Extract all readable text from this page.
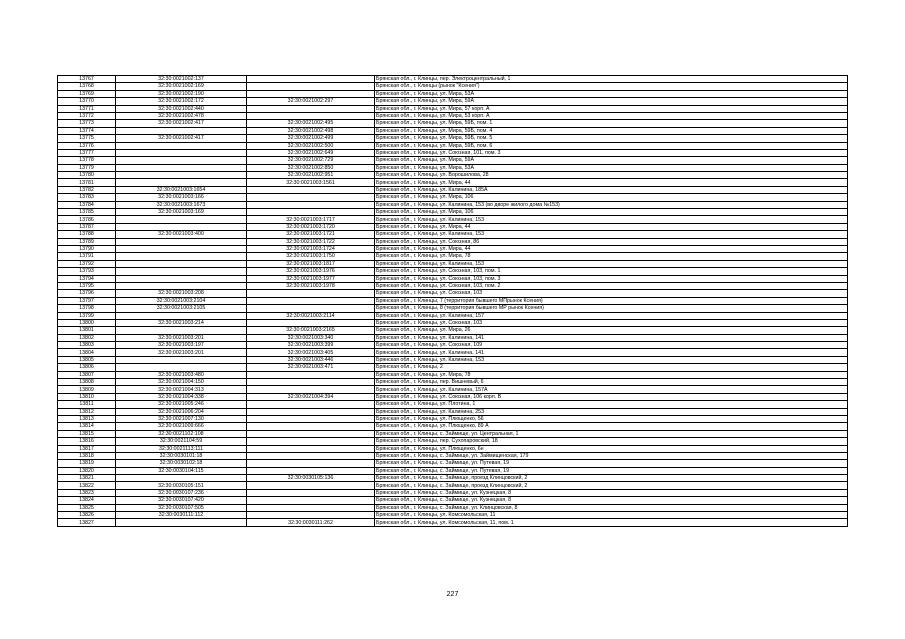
13767	32:30:0021002:137		Брянская обл., г. Клинцы, пер. Электроцентральный, 1
13768	32:30:0021002:169		Брянская обл., г. Клинцы (рынок "Ксения")
13769	32:30:0021002:190		Брянская обл., г. Клинцы, ул. Мира, 53А
13770	32:30:0021002:172	32:30:0021002:297	Брянская обл., г. Клинцы, ул. Мира, 59А
13771	32:30:0021002:440		Брянская обл., г. Клинцы, ул. Мира, 57 корп. А
13772	32:30:0021002:478		Брянская обл., г. Клинцы, ул. Мира, 53 корп. А
13773	32:30:0021002:417	32:30:0021002:495	Брянская обл., г. Клинцы, ул. Мира, 59Б, пом. 1
13774		32:30:0021002:498	Брянская обл., г. Клинцы, ул. Мира, 59Б, пом. 4
13775	32:30:0021002:417	32:30:0021002:499	Брянская обл., г. Клинцы, ул. Мира, 59Б, пом. 5
13776		32:30:0021002:500	Брянская обл., г. Клинцы, ул. Мира, 59Б, пом. 6
13777		32:30:0021002:649	Брянская обл., г. Клинцы, ул. Союзная, 101, пом. 3
13778		32:30:0021002:729	Брянская обл., г. Клинцы, ул. Мира, 59А
13779		32:30:0021002:850	Брянская обл., г. Клинцы, ул. Мира, 53А
13780		32:30:0021002:951	Брянская обл., г. Клинцы, ул. Ворошилова, 28
13781		32:30:0021003:1561	Брянская обл., г. Клинцы, ул. Мира, 44
13782	32:30:0021003:1654		Брянская обл., г. Клинцы, ул. Калинина, 185А
13783	32:30:0021003:166		Брянская обл., г. Клинцы, ул. Мира, 106
13784	32:30:0021003:1673		Брянская обл., г. Клинцы, ул. Калинина, 153 (во дворе жилого дома №153)
13785	32:30:0021003:169		Брянская обл., г. Клинцы, ул. Мира, 106
13786		32:30:0021003:1717	Брянская обл., г. Клинцы, ул. Калинина, 153
13787		32:30:0021003:1720	Брянская обл., г. Клинцы, ул. Мира, 44
13788	32:30:0021003:400	32:30:0021003:1721	Брянская обл., г. Клинцы, ул. Калинина, 153
13789		32:30:0021003:1722	Брянская обл., г. Клинцы, ул. Союзная, 86
13790		32:30:0021003:1724	Брянская обл., г. Клинцы, ул. Мира, 44
13791		32:30:0021003:1750	Брянская обл., г. Клинцы, ул. Мира, 78
13792		32:30:0021003:1817	Брянская обл., г. Клинцы, ул. Калинина, 153
13793		32:30:0021003:1976	Брянская обл., г. Клинцы, ул. Союзная, 103, пом. 1
13794		32:30:0021003:1977	Брянская обл., г. Клинцы, ул. Союзная, 103, пом. 3
13795		32:30:0021003:1978	Брянская обл., г. Клинцы, ул. Союзная, 103, пом. 2
13796	32:30:0021003:208		Брянская обл., г. Клинцы, ул. Союзная, 103
13797	32:30:0021003:2104		Брянская обл., г. Клинцы, 7 (территория бывшего МПрынок Ксения)
13798	32:30:0021003:2105		Брянская обл., г. Клинцы, 8 (территория бывшего МР рынок Ксения)
13799		32:30:0021003:2114	Брянская обл., г. Клинцы, ул. Калинина, 157
13800	32:30:0021003:214		Брянская обл., г. Клинцы, ул. Союзная, 103
13801		32:30:0021003:2165	Брянская обл., г. Клинцы, ул. Мира, 26
13802	32:30:0021003:201	32:30:0021003:340	Брянская обл., г. Клинцы, ул. Калинина, 141
13803	32:30:0021003:197	32:30:0021003:399	Брянская обл., г. Клинцы, ул. Союзная, 109
13804	32:30:0021003:201	32:30:0021003:405	Брянская обл., г. Клинцы, ул. Калинина, 141
13805		32:30:0021003:446	Брянская обл., г. Клинцы, ул. Калинина, 153
13806		32:30:0021003:471	Брянская обл., г. Клинцы, 2
13807	32:30:0021003:480		Брянская обл., г. Клинцы, ул. Мира, 78
13808	32:30:0021004:150		Брянская обл., г. Клинцы, пер. Вишневый, 6
13809	32:30:0021004:313		Брянская обл., г. Клинцы, ул. Калинина, 157А
13810	32:30:0021004:338	32:30:0021004:394	Брянская обл., г. Клинцы, ул. Союзная, 106 корп. В
13811	32:30:0021005:246		Брянская обл., г. Клинцы, ул. Плотина, 1
13812	32:30:0021006:204		Брянская обл., г. Клинцы, ул. Калинина, 253
13813	32:30:0021007:130		Брянская обл., г. Клинцы, ул. Плющенко, 56
13814	32:30:0021009:666		Брянская обл., г. Клинцы, ул. Плющенко, 89 А
13815	32:30:0021102:108		Брянская обл., г. Клинцы, с. Займище, ул. Центральная, 1
13816	32:30:0021104:59		Брянская обл., г. Клинцы, пер. Сухопаровский, 18
13817	32:30:0021113:111		Брянская обл., г. Клинцы, ул. Плющенко, 6н
13818	32:30:0030101:18		Брянская обл., г. Клинцы, с. Займище, ул. Займищенская, 179
13819	32:30:0030102:18		Брянская обл., г. Клинцы, с. Займище, ул. Путевая, 19
13820	32:30:0030104:115		Брянская обл., г. Клинцы, с. Займище, ул. Путевая, 19
13821		32:30:0030105:136	Брянская обл., г. Клинцы, с. Займище, проезд Клинцовский, 2
13822	32:30:0030105:151		Брянская обл., г. Клинцы, с. Займище, проезд Клинцовский, 2
13823	32:30:0030107:236		Брянская обл., г. Клинцы, с. Займище, ул. Кузнецкая, 8
13824	32:30:0030107:420		Брянская обл., г. Клинцы, с. Займище, ул. Кузнецкая, 8
13825	32:30:0030107:505		Брянская обл., г. Клинцы, с. Займище, ул. Клинцовская, 8
13826	32:30:0030111:112		Брянская обл., г. Клинцы, ул. Комсомольская, 11
13827		32:30:0030111:262	Брянская обл., г. Клинцы, ул. Комсомольская, 11, пом. 1
227
